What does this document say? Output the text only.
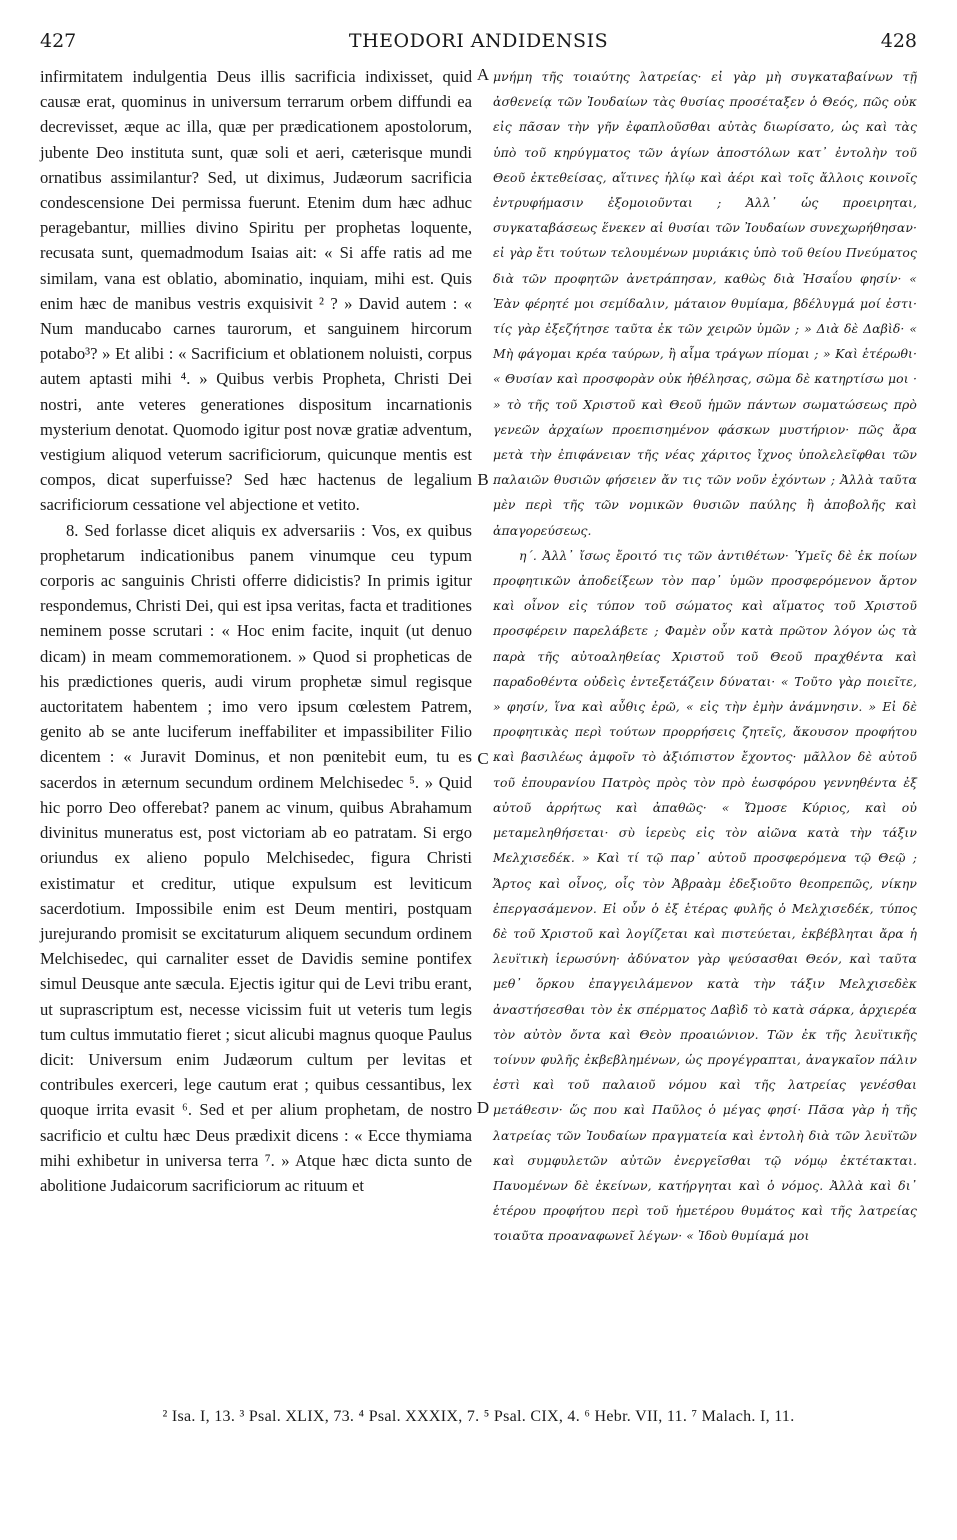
427	THEODORI ANDIDENSIS	428

infirmitatem indulgentia Deus illis sacrificia indixisset, quid causæ erat, quominus in universum terrarum orbem diffundi ea decrevisset, æque ac illa, quæ per prædicationem apostolorum, jubente Deo instituta sunt, quæ soli et aeri, cæterisque mundi ornatibus assimilantur? Sed, ut diximus, Judæorum sacrificia condescensione Dei permissa fuerunt. Etenim dum hæc adhuc peragebantur, millies divino Spiritu per prophetas loquente, recusata sunt, quemadmodum Isaias ait: « Si affe ratis ad me similam, vana est oblatio, abominatio, inquiam, mihi est. Quis enim hæc de manibus vestris exquisivit ² ? » David autem : « Num manducabo carnes taurorum, et sanguinem hircorum potabo³? » Et alibi : « Sacrificium et oblationem noluisti, corpus autem aptasti mihi ⁴. » Quibus verbis Propheta, Christi Dei nostri, ante veteres generationes dispositum incarnationis mysterium denotat. Quomodo igitur post novæ gratiæ adventum, vestigium aliquod veterum sacrificiorum, quicunque mentis est compos, dicat superfuisse? Sed hæc hactenus de legalium sacrificiorum cessatione vel abjectione et vetito.

8. Sed forlasse dicet aliquis ex adversariis : Vos, ex quibus prophetarum indicationibus panem vinumque ceu typum corporis ac sanguinis Christi offerre didicistis? In primis igitur respondemus, Christi Dei, qui est ipsa veritas, facta et traditiones neminem posse scrutari : « Hoc enim facite, inquit (ut denuo dicam) in meam commemorationem. » Quod si propheticas de his prædictiones queris, audi virum prophetæ simul regisque auctoritatem habentem ; imo vero ipsum cœlestem Patrem, genito ab se ante luciferum ineffabiliter et impassibiliter Filio dicentem : « Juravit Dominus, et non pœnitebit eum, tu es sacerdos in æternum secundum ordinem Melchisedec ⁵. » Quid hic porro Deo offerebat? panem ac vinum, quibus Abrahamum divinitus muneratus est, post victoriam ab eo patratam. Si ergo oriundus ex alieno populo Melchisedec, figura Christi existimatur et creditur, utique expulsum est leviticum sacerdotium. Impossibile enim est Deum mentiri, postquam jurejurando promisit se excitaturum aliquem secundum ordinem Melchisedec, qui carnaliter esset de Davidis semine pontifex simul Deusque ante sæcula. Ejectis igitur qui de Levi tribu erant, ut suprascriptum est, necesse vicissim fuit ut veteris tum legis tum cultus immutatio fieret ; sicut alicubi magnus quoque Paulus dicit: Universum enim Judæorum cultum per levitas et contribules exerceri, lege cautum erat ; quibus cessantibus, lex quoque irrita evasit ⁶. Sed et per alium prophetam, de nostro sacrificio et cultu hæc Deus prædixit dicens : « Ecce thymiama mihi exhibetur in universa terra ⁷. » Atque hæc dicta sunto de abolitione Judaicorum sacrificiorum ac rituum et

A
B
C
D

μνήμη τῆς τοιαύτης λατρείας· εἰ γὰρ μὴ συγκαταβαίνων τῇ ἀσθενείᾳ τῶν Ἰουδαίων τὰς θυσίας προσέταξεν ὁ Θεός, πῶς οὐκ εἰς πᾶσαν τὴν γῆν ἐφαπλοῦσθαι αὐτὰς διωρίσατο, ὡς καὶ τὰς ὑπὸ τοῦ κηρύγματος τῶν ἁγίων ἀποστόλων κατ᾽ ἐντολὴν τοῦ Θεοῦ ἐκτεθείσας, αἵτινες ἡλίῳ καὶ ἀέρι καὶ τοῖς ἄλλοις κοινοῖς ἐντρυφήμασιν ἐξομοιοῦνται ; Ἀλλ᾽ ὡς προειρηται, συγκαταβάσεως ἕνεκεν αἱ θυσίαι τῶν Ἰουδαίων συνεχωρήθησαν· εἰ γὰρ ἔτι τούτων τελουμένων μυριάκις ὑπὸ τοῦ θείου Πνεύματος διὰ τῶν προφητῶν ἀνετράπησαν, καθὼς διὰ Ἠσαΐου φησίν· « Ἐὰν φέρητέ μοι σεμίδαλιν, μάταιον θυμίαμα, βδέλυγμά μοί ἐστι· τίς γὰρ ἐξεζήτησε ταῦτα ἐκ τῶν χειρῶν ὑμῶν ; » Διὰ δὲ Δαβὶδ· « Μὴ φάγομαι κρέα ταύρων, ἢ αἷμα τράγων πίομαι ; » Καὶ ἑτέρωθι· « Θυσίαν καὶ προσφορὰν οὐκ ἠθέλησας, σῶμα δὲ κατηρτίσω μοι · » τὸ τῆς τοῦ Χριστοῦ καὶ Θεοῦ ἡμῶν πάντων σωματώσεως πρὸ γενεῶν ἀρχαίων πρoεπισημένον φάσκων μυστήριον· πῶς ἄρα μετὰ τὴν ἐπιφάνειαν τῆς νέας χάριτος ἴχνος ὑπολελεῖφθαι τῶν παλαιῶν θυσιῶν φήσειεν ἄν τις τῶν νοῦν ἐχόντων ; Ἀλλὰ ταῦτα μὲν περὶ τῆς τῶν νομικῶν θυσιῶν παύλης ἢ ἀποβολῆς καὶ ἀπαγορεύσεως.

η΄. Ἀλλ᾽ ἴσως ἔροιτό τις τῶν ἀντιθέτων· Ὑμεῖς δὲ ἐκ ποίων προφητικῶν ἀποδείξεων τὸν παρ᾽ ὑμῶν προσφερόμενον ἄρτον καὶ οἶνον εἰς τύπον τοῦ σώματος καὶ αἵματος τοῦ Χριστοῦ προσφέρειν παρελάβετε ; Φαμὲν οὖν κατὰ πρῶτον λόγον ὡς τὰ παρὰ τῆς αὐτοαληθείας Χριστοῦ τοῦ Θεοῦ πραχθέντα καὶ παραδοθέντα οὐδεὶς ἐντεξετάζειν δύναται· « Τοῦτο γὰρ ποιεῖτε, » φησίν, ἵνα καὶ αὖθις ἐρῶ, « εἰς τὴν ἐμὴν ἀνάμνησιν. » Εἰ δὲ προφητικὰς περὶ τούτων προρρήσεις ζητεῖς, ἄκουσον προφήτου καὶ βασιλέως ἀμφοῖν τὸ ἀξιόπιστον ἔχοντος· μᾶλλον δὲ αὐτοῦ τοῦ ἐπουρανίου Πατρὸς πρὸς τὸν πρὸ ἑωσφόρου γεννηθέντα ἐξ αὐτοῦ ἀρρήτως καὶ ἀπαθῶς· « Ὤμοσε Κύριος, καὶ οὐ μεταμεληθήσεται· σὺ ἱερεὺς εἰς τὸν αἰῶνα κατὰ τὴν τάξιν Μελχισεδέκ. » Καὶ τί τῷ παρ᾽ αὐτοῦ προσφερόμενα τῷ Θεῷ ; Ἄρτος καὶ οἶνος, οἷς τὸν Ἀβραὰμ ἐδεξιοῦτο θεοπρεπῶς, νίκην ἐπεργασάμενον. Εἰ οὖν ὁ ἐξ ἑτέρας φυλῆς ὁ Μελχισεδέκ, τύπος δὲ τοῦ Χριστοῦ καὶ λογίζεται καὶ πιστεύεται, ἐκβέβληται ἄρα ἡ λευϊτικὴ ἱερωσύνη· ἀδύνατον γὰρ ψεύσασθαι Θεόν, καὶ ταῦτα μεθ᾽ ὅρκου ἐπαγγειλάμενον κατὰ τὴν τάξιν Μελχισεδὲκ ἀναστήσεσθαι τὸν ἐκ σπέρματος Δαβὶδ τὸ κατὰ σάρκα, ἀρχιερέα τὸν αὐτὸν ὄντα καὶ Θεὸν προαιώνιον. Τῶν ἐκ τῆς λευϊτικῆς τοίνυν φυλῆς ἐκβεβλημένων, ὡς προγέγραπται, ἀναγκαῖον πάλιν ἐστὶ καὶ τοῦ παλαιοῦ νόμου καὶ τῆς λατρείας γενέσθαι μετάθεσιν· ὥς που καὶ Παῦλος ὁ μέγας φησί· Πᾶσα γὰρ ἡ τῆς λατρείας τῶν Ἰουδαίων πραγματεία καὶ ἐντολὴ διὰ τῶν λευϊτῶν καὶ συμφυλετῶν αὐτῶν ἐνεργεῖσθαι τῷ νόμῳ ἐκτέτακται. Παυομένων δὲ ἐκείνων, κατήργηται καὶ ὁ νόμος. Ἀλλὰ καὶ δι᾽ ἑτέρου προφήτου περὶ τοῦ ἡμετέρου θυμάτος καὶ τῆς λατρείας τοιαῦτα προαναφωνεῖ λέγων· « Ἰδοὺ θυμίαμά μοι

² Isa. I, 13. ³ Psal. XLIX, 73. ⁴ Psal. XXXIX, 7. ⁵ Psal. CIX, 4. ⁶ Hebr. VII, 11. ⁷ Malach. I, 11.
